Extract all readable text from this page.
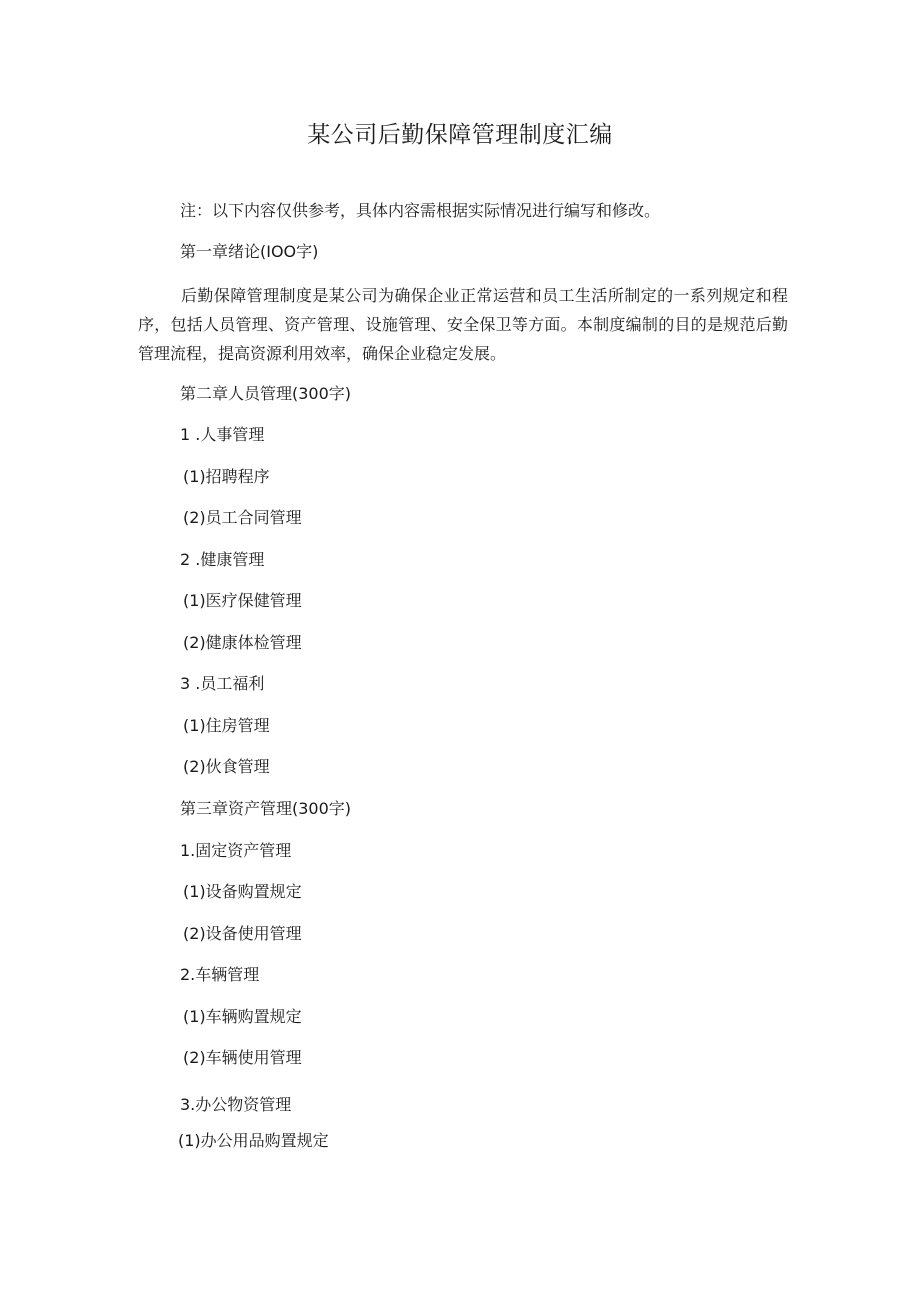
某公司后勤保障管理制度汇编

注：以下内容仅供参考，具体内容需根据实际情况进行编写和修改。

第一章绪论(IOO字)

后勤保障管理制度是某公司为确保企业正常运营和员工生活所制定的一系列规定和程序，包括人员管理、资产管理、设施管理、安全保卫等方面。本制度编制的目的是规范后勤管理流程，提高资源利用效率，确保企业稳定发展。

第二章人员管理(300字)

1 .人事管理

(1)招聘程序

(2)员工合同管理

2 .健康管理

(1)医疗保健管理

(2)健康体检管理

3 .员工福利

(1)住房管理

(2)伙食管理

第三章资产管理(300字)

1.固定资产管理

(1)设备购置规定

(2)设备使用管理

2.车辆管理

(1)车辆购置规定

(2)车辆使用管理

3.办公物资管理

(1)办公用品购置规定
